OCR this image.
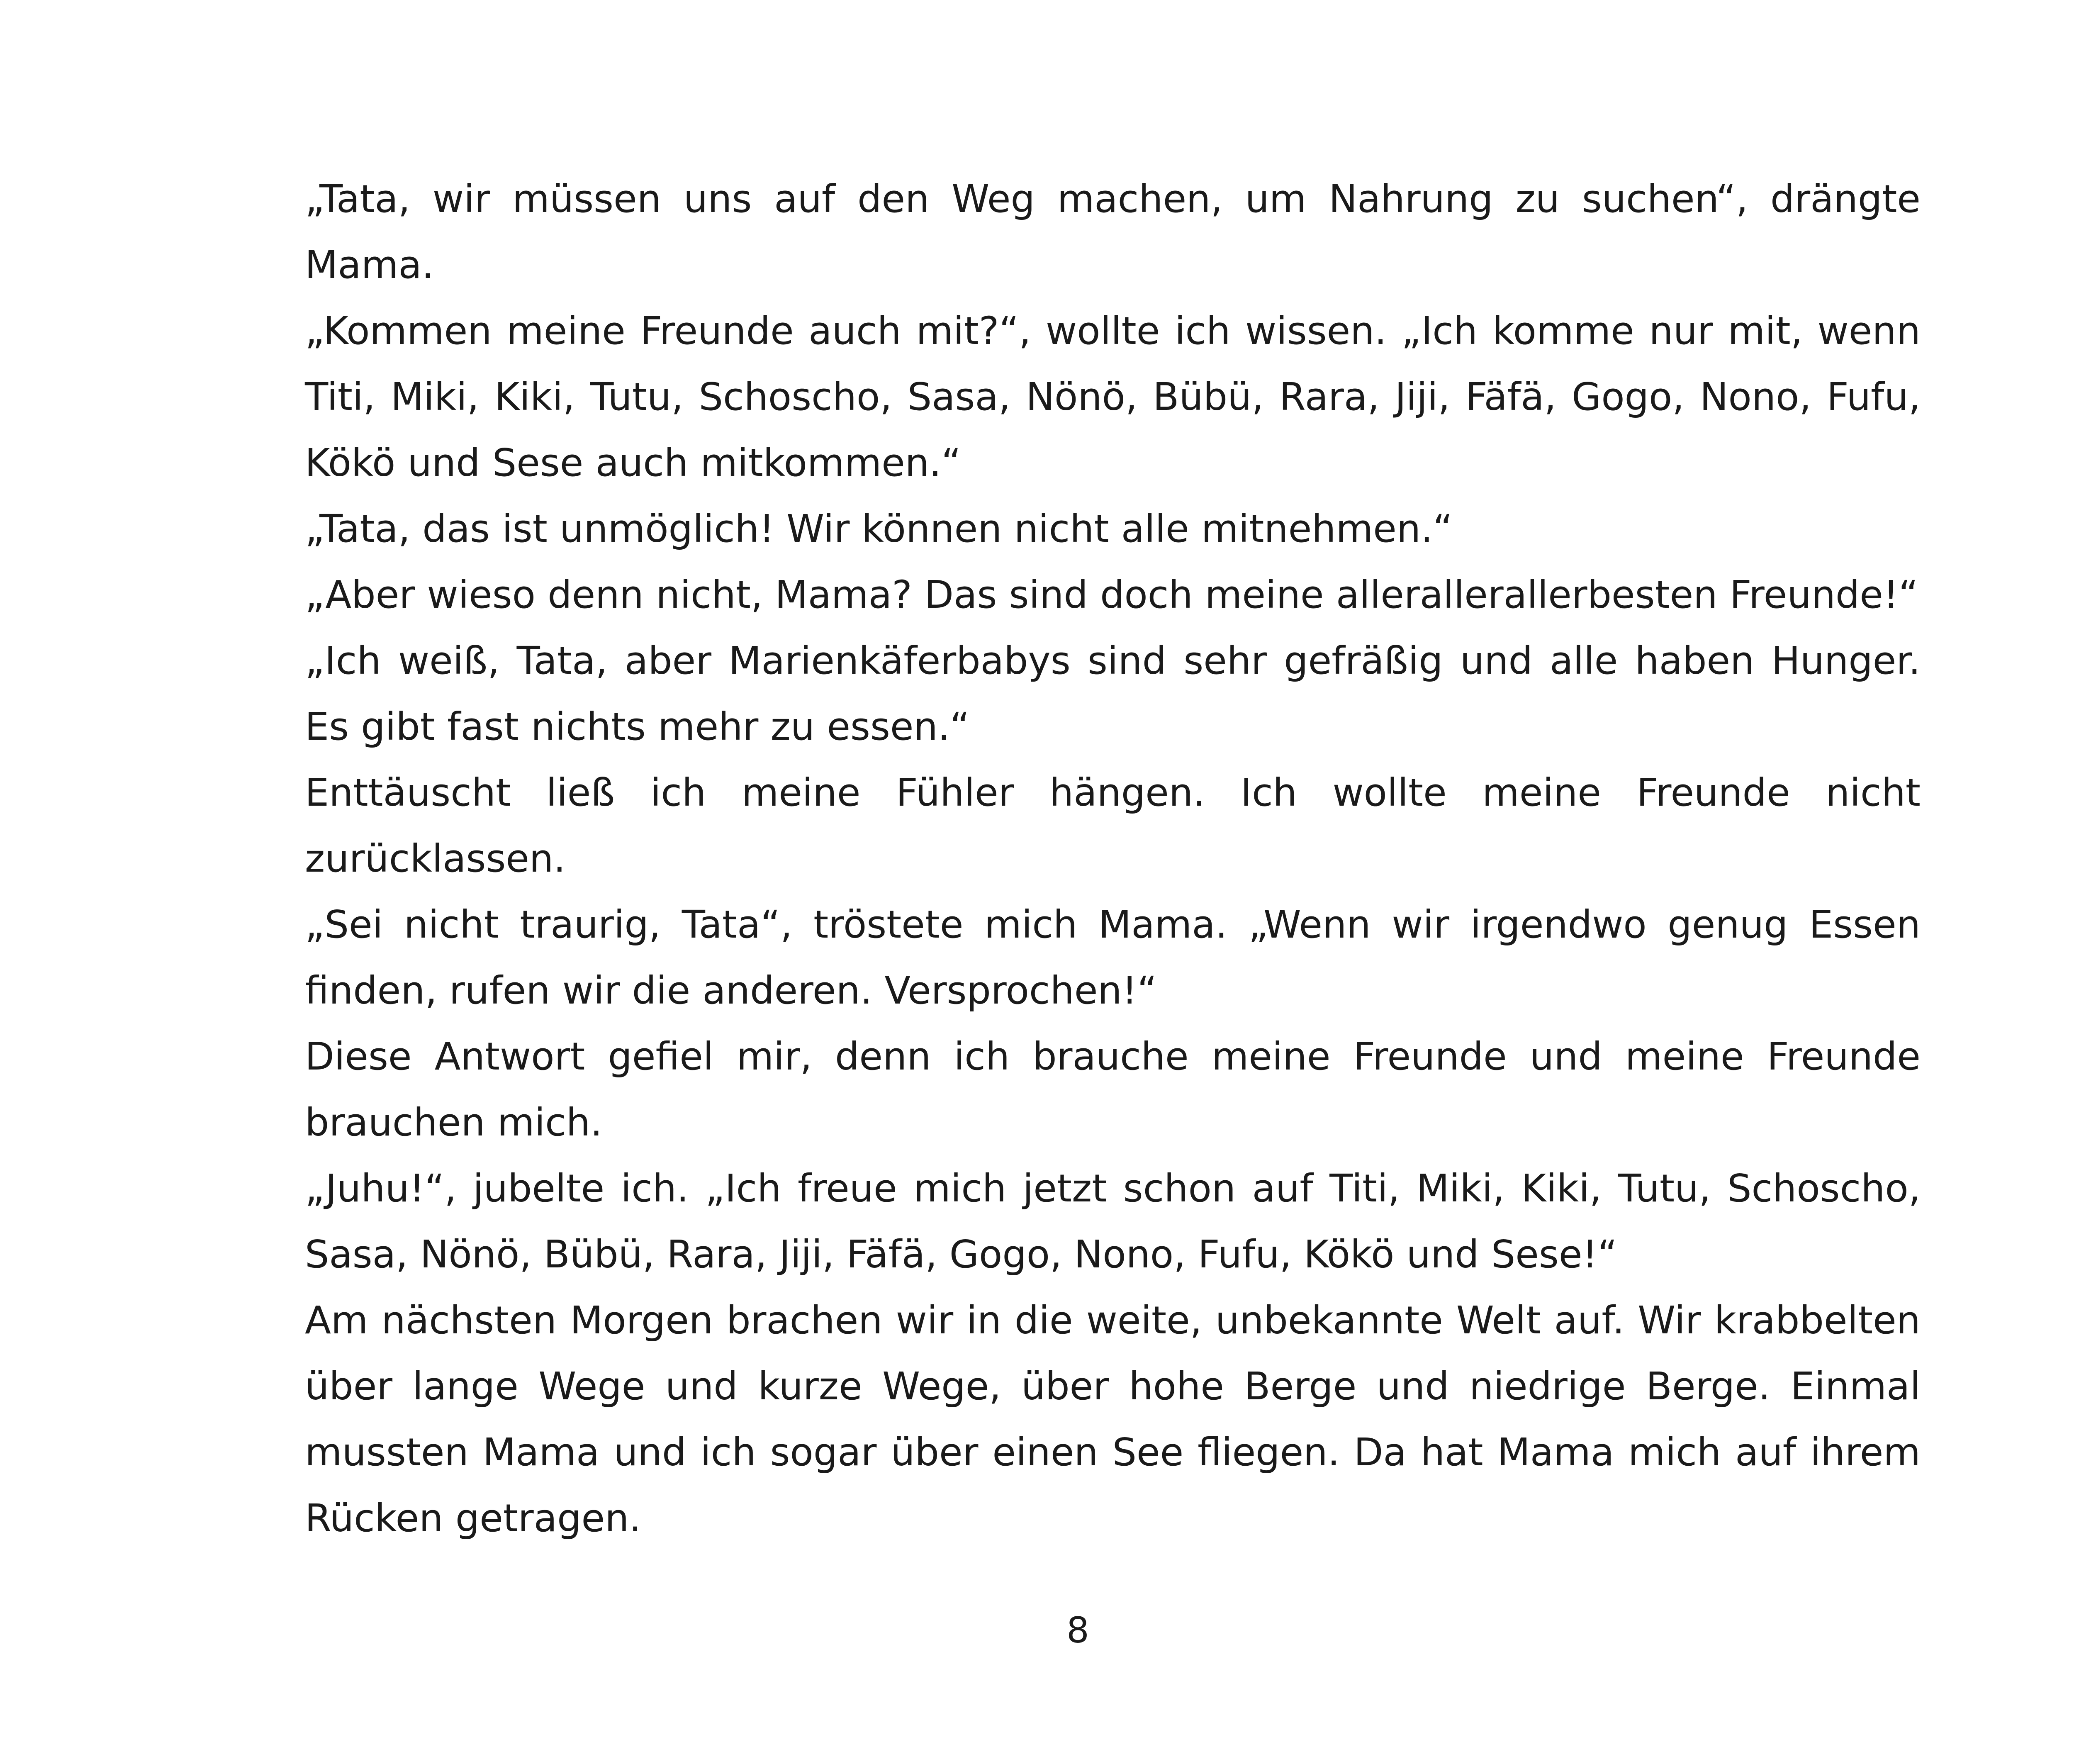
„Tata, wir müssen uns auf den Weg machen, um Nahrung zu suchen“, drängte Mama.

„Kommen meine Freunde auch mit?“, wollte ich wissen. „Ich komme nur mit, wenn Titi, Miki, Kiki, Tutu, Schoscho, Sasa, Nönö, Bübü, Rara, Jiji, Fäfä, Gogo, Nono, Fufu, Kökö und Sese auch mitkommen.“

„Tata, das ist unmöglich! Wir können nicht alle mitnehmen.“

„Aber wieso denn nicht, Mama? Das sind doch meine allerallerallerbesten Freunde!“

„Ich weiß, Tata, aber Marienkäferbabys sind sehr gefräßig und alle haben Hunger. Es gibt fast nichts mehr zu essen.“

Enttäuscht ließ ich meine Fühler hängen. Ich wollte meine Freunde nicht zurücklassen.

„Sei nicht traurig, Tata“, tröstete mich Mama. „Wenn wir irgendwo genug Essen finden, rufen wir die anderen. Versprochen!“

Diese Antwort gefiel mir, denn ich brauche meine Freunde und meine Freunde brauchen mich.

„Juhu!“, jubelte ich. „Ich freue mich jetzt schon auf Titi, Miki, Kiki, Tutu, Schoscho, Sasa, Nönö, Bübü, Rara, Jiji, Fäfä, Gogo, Nono, Fufu, Kökö und Sese!“

Am nächsten Morgen brachen wir in die weite, unbekannte Welt auf. Wir krabbelten über lange Wege und kurze Wege, über hohe Berge und niedrige Berge. Einmal mussten Mama und ich sogar über einen See fliegen. Da hat Mama mich auf ihrem Rücken getragen.

8
